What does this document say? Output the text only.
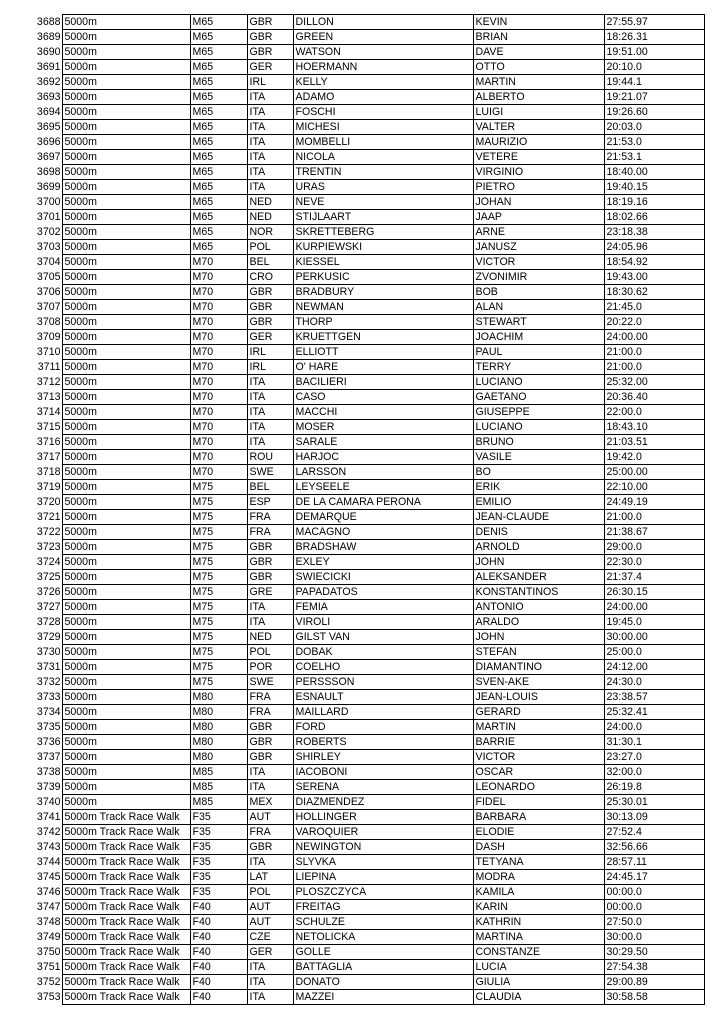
3688	5000m	M65	GBR	DILLON	KEVIN	27:55.97
3689	5000m	M65	GBR	GREEN	BRIAN	18:26.31
3690	5000m	M65	GBR	WATSON	DAVE	19:51.00
3691	5000m	M65	GER	HOERMANN	OTTO	20:10.0
3692	5000m	M65	IRL	KELLY	MARTIN	19:44.1
3693	5000m	M65	ITA	ADAMO	ALBERTO	19:21.07
3694	5000m	M65	ITA	FOSCHI	LUIGI	19:26.60
3695	5000m	M65	ITA	MICHESI	VALTER	20:03.0
3696	5000m	M65	ITA	MOMBELLI	MAURIZIO	21:53.0
3697	5000m	M65	ITA	NICOLA	VETERE	21:53.1
3698	5000m	M65	ITA	TRENTIN	VIRGINIO	18:40.00
3699	5000m	M65	ITA	URAS	PIETRO	19:40.15
3700	5000m	M65	NED	NEVE	JOHAN	18:19.16
3701	5000m	M65	NED	STIJLAART	JAAP	18:02.66
3702	5000m	M65	NOR	SKRETTEBERG	ARNE	23:18.38
3703	5000m	M65	POL	KURPIEWSKI	JANUSZ	24:05.96
3704	5000m	M70	BEL	KIESSEL	VICTOR	18:54.92
3705	5000m	M70	CRO	PERKUSIC	ZVONIMIR	19:43.00
3706	5000m	M70	GBR	BRADBURY	BOB	18:30.62
3707	5000m	M70	GBR	NEWMAN	ALAN	21:45.0
3708	5000m	M70	GBR	THORP	STEWART	20:22.0
3709	5000m	M70	GER	KRUETTGEN	JOACHIM	24:00.00
3710	5000m	M70	IRL	ELLIOTT	PAUL	21:00.0
3711	5000m	M70	IRL	O' HARE	TERRY	21:00.0
3712	5000m	M70	ITA	BACILIERI	LUCIANO	25:32.00
3713	5000m	M70	ITA	CASO	GAETANO	20:36.40
3714	5000m	M70	ITA	MACCHI	GIUSEPPE	22:00.0
3715	5000m	M70	ITA	MOSER	LUCIANO	18:43.10
3716	5000m	M70	ITA	SARALE	BRUNO	21:03.51
3717	5000m	M70	ROU	HARJOC	VASILE	19:42.0
3718	5000m	M70	SWE	LARSSON	BO	25:00.00
3719	5000m	M75	BEL	LEYSEELE	ERIK	22:10.00
3720	5000m	M75	ESP	DE LA CAMARA PERONA	EMILIO	24:49.19
3721	5000m	M75	FRA	DEMARQUE	JEAN-CLAUDE	21:00.0
3722	5000m	M75	FRA	MACAGNO	DENIS	21:38.67
3723	5000m	M75	GBR	BRADSHAW	ARNOLD	29:00.0
3724	5000m	M75	GBR	EXLEY	JOHN	22:30.0
3725	5000m	M75	GBR	SWIECICKI	ALEKSANDER	21:37.4
3726	5000m	M75	GRE	PAPADATOS	KONSTANTINOS	26:30.15
3727	5000m	M75	ITA	FEMIA	ANTONIO	24:00.00
3728	5000m	M75	ITA	VIROLI	ARALDO	19:45.0
3729	5000m	M75	NED	GILST VAN	JOHN	30:00.00
3730	5000m	M75	POL	DOBAK	STEFAN	25:00.0
3731	5000m	M75	POR	COELHO	DIAMANTINO	24:12.00
3732	5000m	M75	SWE	PERSSSON	SVEN-AKE	24:30.0
3733	5000m	M80	FRA	ESNAULT	JEAN-LOUIS	23:38.57
3734	5000m	M80	FRA	MAILLARD	GERARD	25:32.41
3735	5000m	M80	GBR	FORD	MARTIN	24:00.0
3736	5000m	M80	GBR	ROBERTS	BARRIE	31:30.1
3737	5000m	M80	GBR	SHIRLEY	VICTOR	23:27.0
3738	5000m	M85	ITA	IACOBONI	OSCAR	32:00.0
3739	5000m	M85	ITA	SERENA	LEONARDO	26:19.8
3740	5000m	M85	MEX	DIAZMENDEZ	FIDEL	25:30.01
3741	5000m Track Race Walk	F35	AUT	HOLLINGER	BARBARA	30:13.09
3742	5000m Track Race Walk	F35	FRA	VAROQUIER	ELODIE	27:52.4
3743	5000m Track Race Walk	F35	GBR	NEWINGTON	DASH	32:56.66
3744	5000m Track Race Walk	F35	ITA	SLYVKA	TETYANA	28:57.11
3745	5000m Track Race Walk	F35	LAT	LIEPINA	MODRA	24:45.17
3746	5000m Track Race Walk	F35	POL	PLOSZCZYCA	KAMILA	00:00.0
3747	5000m Track Race Walk	F40	AUT	FREITAG	KARIN	00:00.0
3748	5000m Track Race Walk	F40	AUT	SCHULZE	KATHRIN	27:50.0
3749	5000m Track Race Walk	F40	CZE	NETOLICKA	MARTINA	30:00.0
3750	5000m Track Race Walk	F40	GER	GOLLE	CONSTANZE	30:29.50
3751	5000m Track Race Walk	F40	ITA	BATTAGLIA	LUCIA	27:54.38
3752	5000m Track Race Walk	F40	ITA	DONATO	GIULIA	29:00.89
3753	5000m Track Race Walk	F40	ITA	MAZZEI	CLAUDIA	30:58.58
